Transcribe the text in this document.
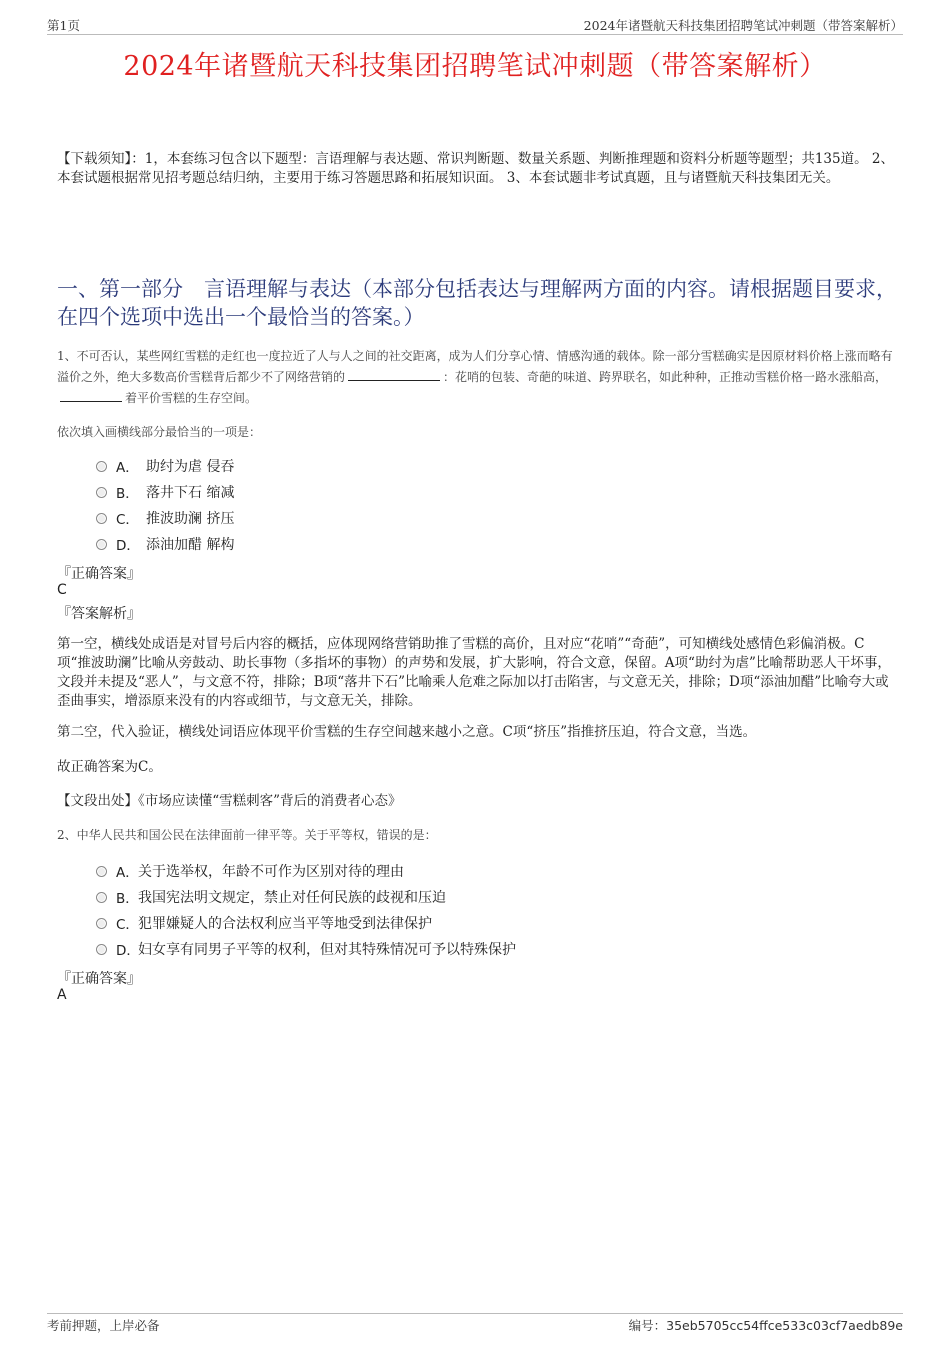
第1页	2024年诸暨航天科技集团招聘笔试冲刺题（带答案解析）
2024年诸暨航天科技集团招聘笔试冲刺题（带答案解析）
【下载须知】：1，本套练习包含以下题型：言语理解与表达题、常识判断题、数量关系题、判断推理题和资料分析题等题型；共135道。 2、本套试题根据常见招考题总结归纳，主要用于练习答题思路和拓展知识面。 3、本套试题非考试真题，且与诸暨航天科技集团无关。
一、第一部分　言语理解与表达（本部分包括表达与理解两方面的内容。请根据题目要求，在四个选项中选出一个最恰当的答案。）
1、不可否认，某些网红雪糕的走红也一度拉近了人与人之间的社交距离，成为人们分享心情、情感沟通的载体。除一部分雪糕确实是因原材料价格上涨而略有溢价之外，绝大多数高价雪糕背后都少不了网络营销的	：花哨的包装、奇葩的味道、跨界联名，如此种种，正推动雪糕价格一路水涨船高，着平价雪糕的生存空间。
依次填入画横线部分最恰当的一项是：
A． 助纣为虐 侵吞
B． 落井下石 缩减
C． 推波助澜 挤压
D． 添油加醋 解构
『正确答案』
C
『答案解析』
第一空，横线处成语是对冒号后内容的概括，应体现网络营销助推了雪糕的高价，且对应“花哨”“奇葩”，可知横线处感情色彩偏消极。C项“推波助澜”比喻从旁鼓动、助长事物（多指坏的事物）的声势和发展，扩大影响，符合文意，保留。A项“助纣为虐”比喻帮助恶人干坏事，文段并未提及“恶人”，与文意不符，排除；B项“落井下石”比喻乘人危难之际加以打击陷害，与文意无关，排除；D项“添油加醋”比喻夸大或歪曲事实，增添原来没有的内容或细节，与文意无关，排除。
第二空，代入验证，横线处词语应体现平价雪糕的生存空间越来越小之意。C项“挤压”指推挤压迫，符合文意，当选。
故正确答案为C。
【文段出处】《市场应读懂“雪糕刺客”背后的消费者心态》
2、中华人民共和国公民在法律面前一律平等。关于平等权，错误的是：
A． 关于选举权，年龄不可作为区别对待的理由
B． 我国宪法明文规定，禁止对任何民族的歧视和压迫
C． 犯罪嫌疑人的合法权利应当平等地受到法律保护
D．
妇女享有同男子平等的权利，但对其特殊情况可予以特殊保护
『正确答案』
A
考前押题，上岸必备	编号：35eb5705cc54ffce533c03cf7aedb89e
